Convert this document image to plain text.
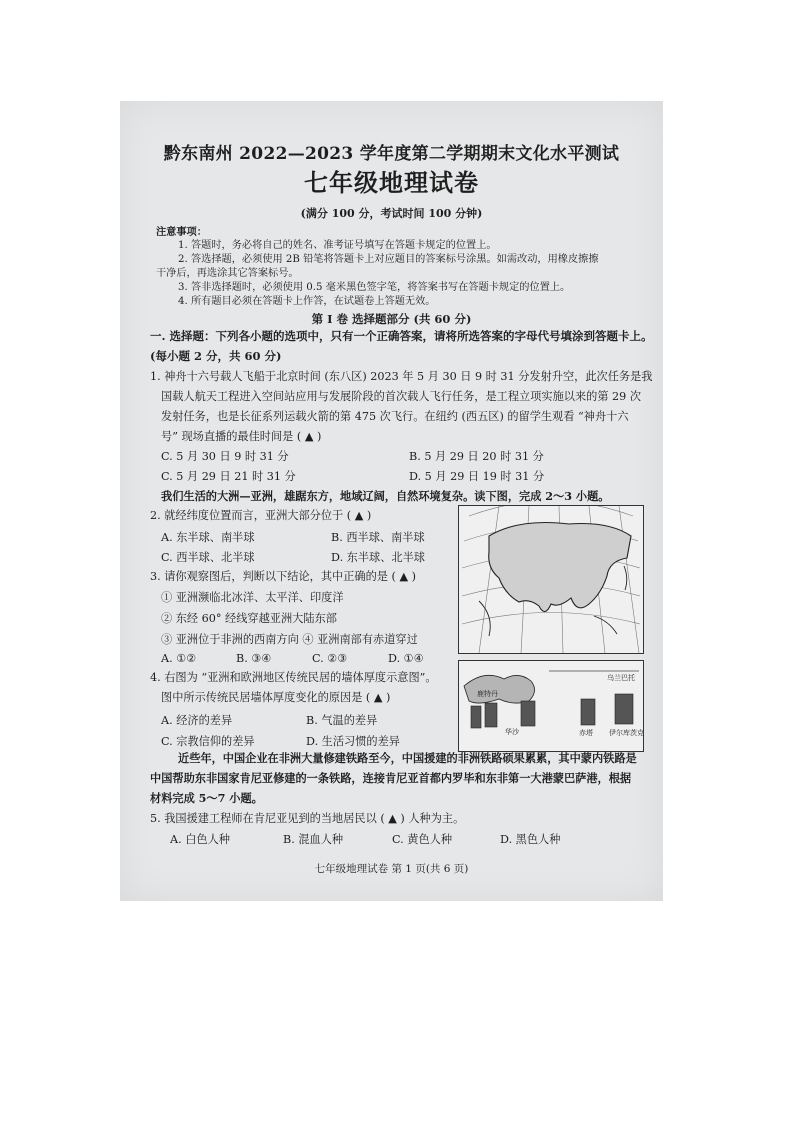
黔东南州 2022—2023 学年度第二学期期末文化水平测试
七年级地理试卷
(满分 100 分，考试时间 100 分钟)
注意事项：
1. 答题时，务必将自己的姓名、准考证号填写在答题卡规定的位置上。
2. 答选择题，必须使用 2B 铅笔将答题卡上对应题目的答案标号涂黑。如需改动，用橡皮擦擦
干净后，再选涂其它答案标号。
3. 答非选择题时，必须使用 0.5 毫米黑色签字笔，将答案书写在答题卡规定的位置上。
4. 所有题目必须在答题卡上作答，在试题卷上答题无效。
第 I 卷 选择题部分 (共 60 分)
一. 选择题：下列各小题的选项中，只有一个正确答案，请将所选答案的字母代号填涂到答题卡上。
(每小题 2 分，共 60 分)
1. 神舟十六号载人飞船于北京时间 (东八区) 2023 年 5 月 30 日 9 时 31 分发射升空，此次任务是我
国载人航天工程进入空间站应用与发展阶段的首次载人飞行任务，是工程立项实施以来的第 29 次
发射任务，也是长征系列运载火箭的第 475 次飞行。在纽约 (西五区) 的留学生观看 “神舟十六
号” 现场直播的最佳时间是 ( ▲ )
C. 5 月 30 日 9 时 31 分	B. 5 月 29 日 20 时 31 分
C. 5 月 29 日 21 时 31 分	D. 5 月 29 日 19 时 31 分
我们生活的大洲—亚洲，雄踞东方，地域辽阔，自然环境复杂。读下图，完成 2～3 小题。
2. 就经纬度位置而言，亚洲大部分位于 ( ▲ )
A. 东半球、南半球	B. 西半球、南半球
C. 西半球、北半球	D. 东半球、北半球
3. 请你观察图后，判断以下结论，其中正确的是 ( ▲ )
① 亚洲濒临北冰洋、太平洋、印度洋
② 东经 60° 经线穿越亚洲大陆东部
③ 亚洲位于非洲的西南方向 ④ 亚洲南部有赤道穿过
A. ①②	B. ③④	C. ②③	D. ①④
4. 右图为 “亚洲和欧洲地区传统民居的墙体厚度示意图”。
图中所示传统民居墙体厚度变化的原因是 ( ▲ )
A. 经济的差异	B. 气温的差异
C. 宗教信仰的差异	D. 生活习惯的差异
鹿特丹
华沙	赤塔 伊尔库茨克
乌兰巴托
近些年，中国企业在非洲大量修建铁路至今，中国援建的非洲铁路硕果累累，其中蒙内铁路是
中国帮助东非国家肯尼亚修建的一条铁路，连接肯尼亚首都内罗毕和东非第一大港蒙巴萨港，根据
材料完成 5～7 小题。
5. 我国援建工程师在肯尼亚见到的当地居民以 ( ▲ ) 人种为主。
A. 白色人种	B. 混血人种	C. 黄色人种	D. 黑色人种
七年级地理试卷 第 1 页(共 6 页)
